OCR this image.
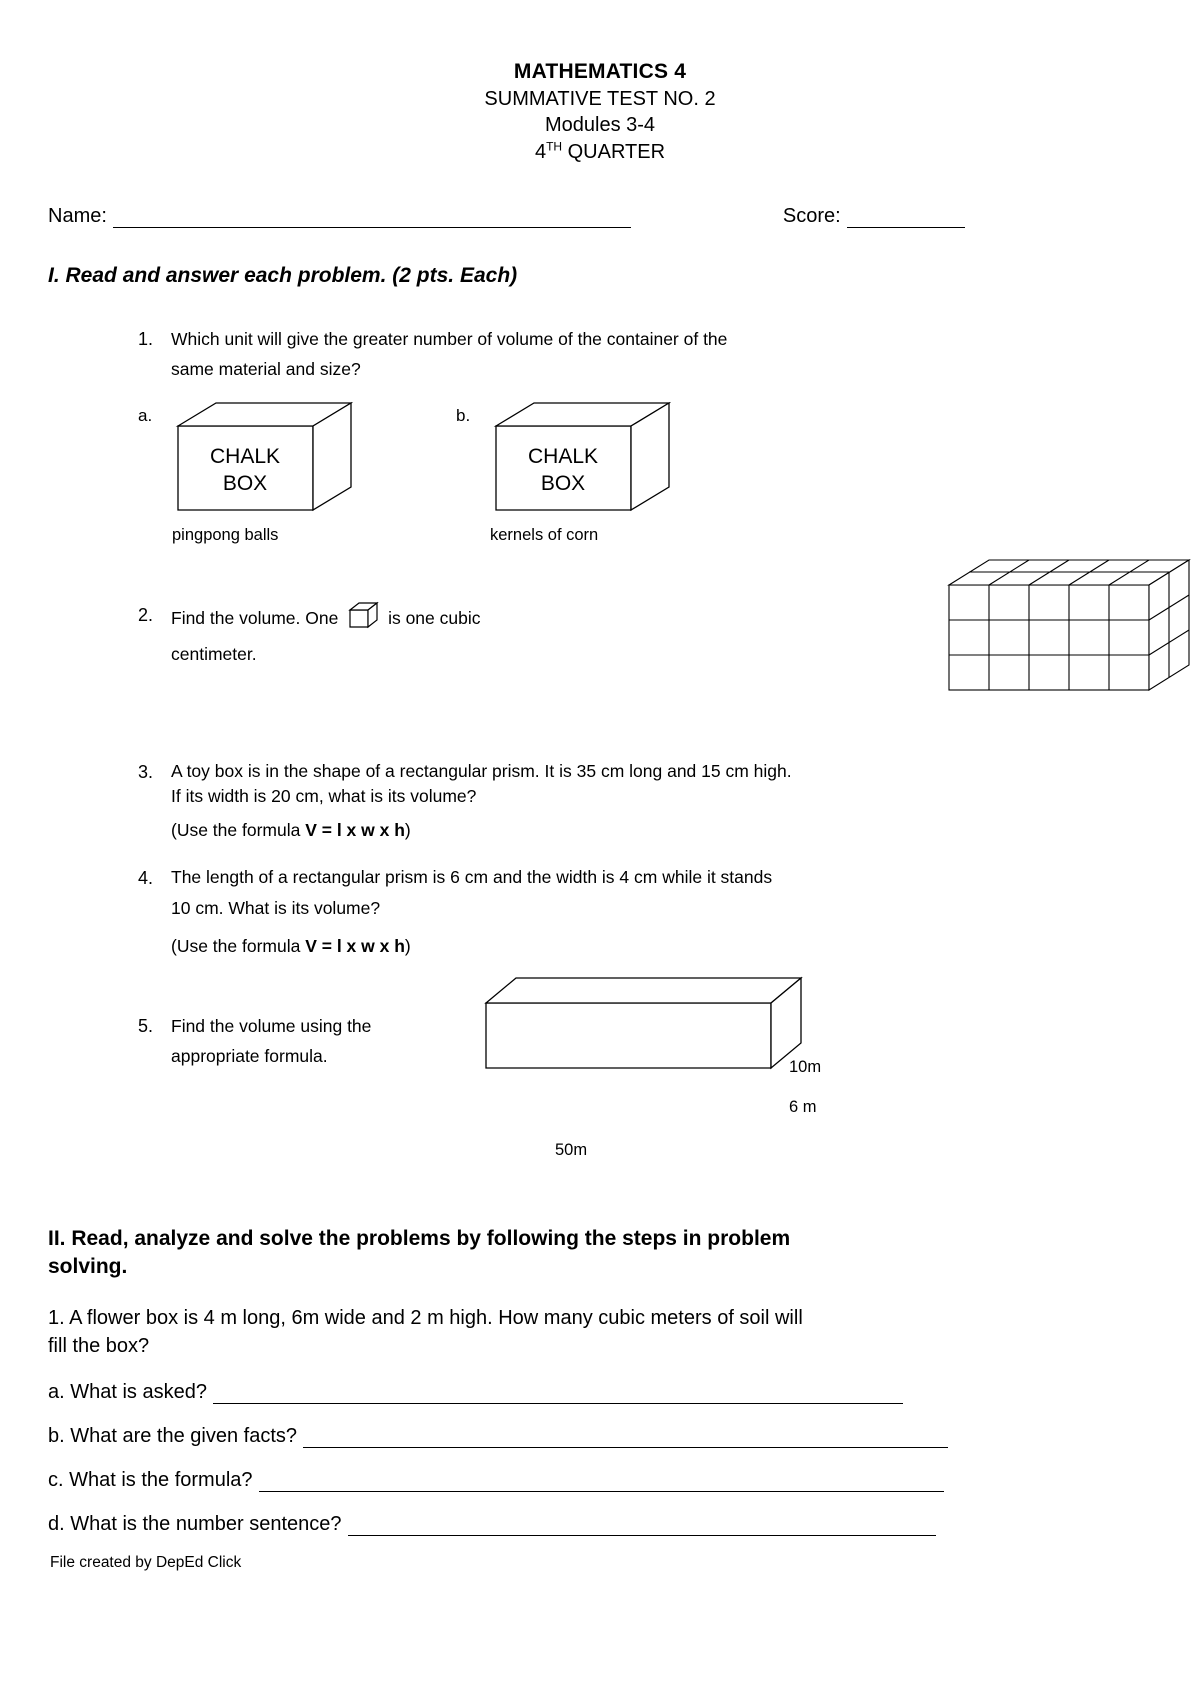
MATHEMATICS 4
SUMMATIVE TEST NO. 2
Modules 3-4
4TH QUARTER
Name:	Score:
I. Read and answer each problem. (2 pts. Each)
1. Which unit will give the greater number of volume of the container of the
same material and size?
a.
CHALK
BOX
pingpong balls
b.
CHALK
BOX
kernels of corn
2. Find the volume. One	is one cubic
centimeter.
3. A toy box is in the shape of a rectangular prism. It is 35 cm long and 15 cm high.
If its width is 20 cm, what is its volume?
(Use the formula V = l x w x h)
4. The length of a rectangular prism is 6 cm and the width is 4 cm while it stands
10 cm. What is its volume?
(Use the formula V = l x w x h)
5. Find the volume using the
appropriate formula.
10m
6 m
50m
II. Read, analyze and solve the problems by following the steps in problem
solving.
1. A flower box is 4 m long, 6m wide and 2 m high. How many cubic meters of soil will
fill the box?
a. What is asked?
b. What are the given facts?
c. What is the formula?
d. What is the number sentence?
File created by DepEd Click
